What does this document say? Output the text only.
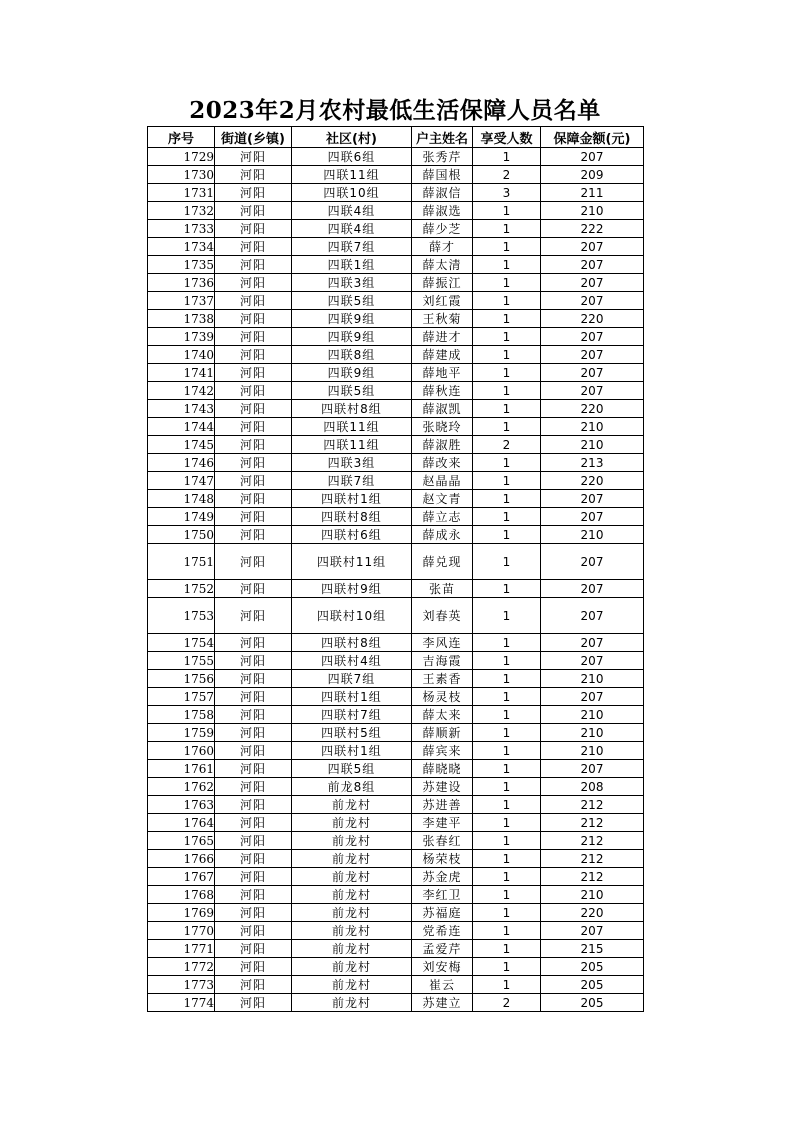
2023年2月农村最低生活保障人员名单
序号	街道(乡镇)	社区(村)	户主姓名	享受人数	保障金额(元)
1729	河阳	四联6组	张秀芹	1	207
1730	河阳	四联11组	薛国根	2	209
1731	河阳	四联10组	薛淑信	3	211
1732	河阳	四联4组	薛淑选	1	210
1733	河阳	四联4组	薛少芝	1	222
1734	河阳	四联7组	薛才	1	207
1735	河阳	四联1组	薛太清	1	207
1736	河阳	四联3组	薛振江	1	207
1737	河阳	四联5组	刘红霞	1	207
1738	河阳	四联9组	王秋菊	1	220
1739	河阳	四联9组	薛进才	1	207
1740	河阳	四联8组	薛建成	1	207
1741	河阳	四联9组	薛地平	1	207
1742	河阳	四联5组	薛秋连	1	207
1743	河阳	四联村8组	薛淑凯	1	220
1744	河阳	四联11组	张晓玲	1	210
1745	河阳	四联11组	薛淑胜	2	210
1746	河阳	四联3组	薛改来	1	213
1747	河阳	四联7组	赵晶晶	1	220
1748	河阳	四联村1组	赵文青	1	207
1749	河阳	四联村8组	薛立志	1	207
1750	河阳	四联村6组	薛成永	1	210
1751	河阳	四联村11组	薛兑现	1	207
1752	河阳	四联村9组	张苗	1	207
1753	河阳	四联村10组	刘春英	1	207
1754	河阳	四联村8组	李风连	1	207
1755	河阳	四联村4组	吉海霞	1	207
1756	河阳	四联7组	王素香	1	210
1757	河阳	四联村1组	杨灵枝	1	207
1758	河阳	四联村7组	薛太来	1	210
1759	河阳	四联村5组	薛顺新	1	210
1760	河阳	四联村1组	薛宾来	1	210
1761	河阳	四联5组	薛晓晓	1	207
1762	河阳	前龙8组	苏建设	1	208
1763	河阳	前龙村	苏进善	1	212
1764	河阳	前龙村	李建平	1	212
1765	河阳	前龙村	张春红	1	212
1766	河阳	前龙村	杨荣枝	1	212
1767	河阳	前龙村	苏金虎	1	212
1768	河阳	前龙村	李红卫	1	210
1769	河阳	前龙村	苏福庭	1	220
1770	河阳	前龙村	党希连	1	207
1771	河阳	前龙村	孟爱芹	1	215
1772	河阳	前龙村	刘安梅	1	205
1773	河阳	前龙村	崔云	1	205
1774	河阳	前龙村	苏建立	2	205
